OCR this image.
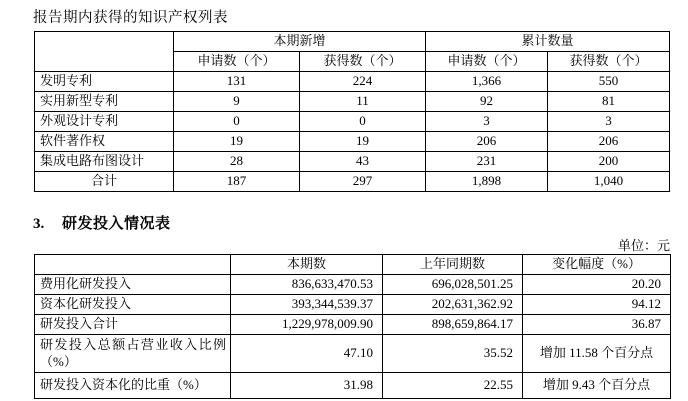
报告期内获得的知识产权列表
	本期新增		累计数量	
	申请数（个）	获得数（个）	申请数（个）	获得数（个）
发明专利	131	224	1,366	550
实用新型专利	9	11	92	81
外观设计专利	0	0	3	3
软件著作权	19	19	206	206
集成电路布图设计	28	43	231	200
合计	187	297	1,898	1,040
3. 研发投入情况表
单位：元
	本期数	上年同期数	变化幅度（%）
费用化研发投入	836,633,470.53	696,028,501.25	20.20
资本化研发投入	393,344,539.37	202,631,362.92	94.12
研发投入合计	1,229,978,009.90	898,659,864.17	36.87
研发投入总额占营业收入比例（%）	47.10	35.52	增加 11.58 个百分点
研发投入资本化的比重（%）	31.98	22.55	增加 9.43 个百分点
